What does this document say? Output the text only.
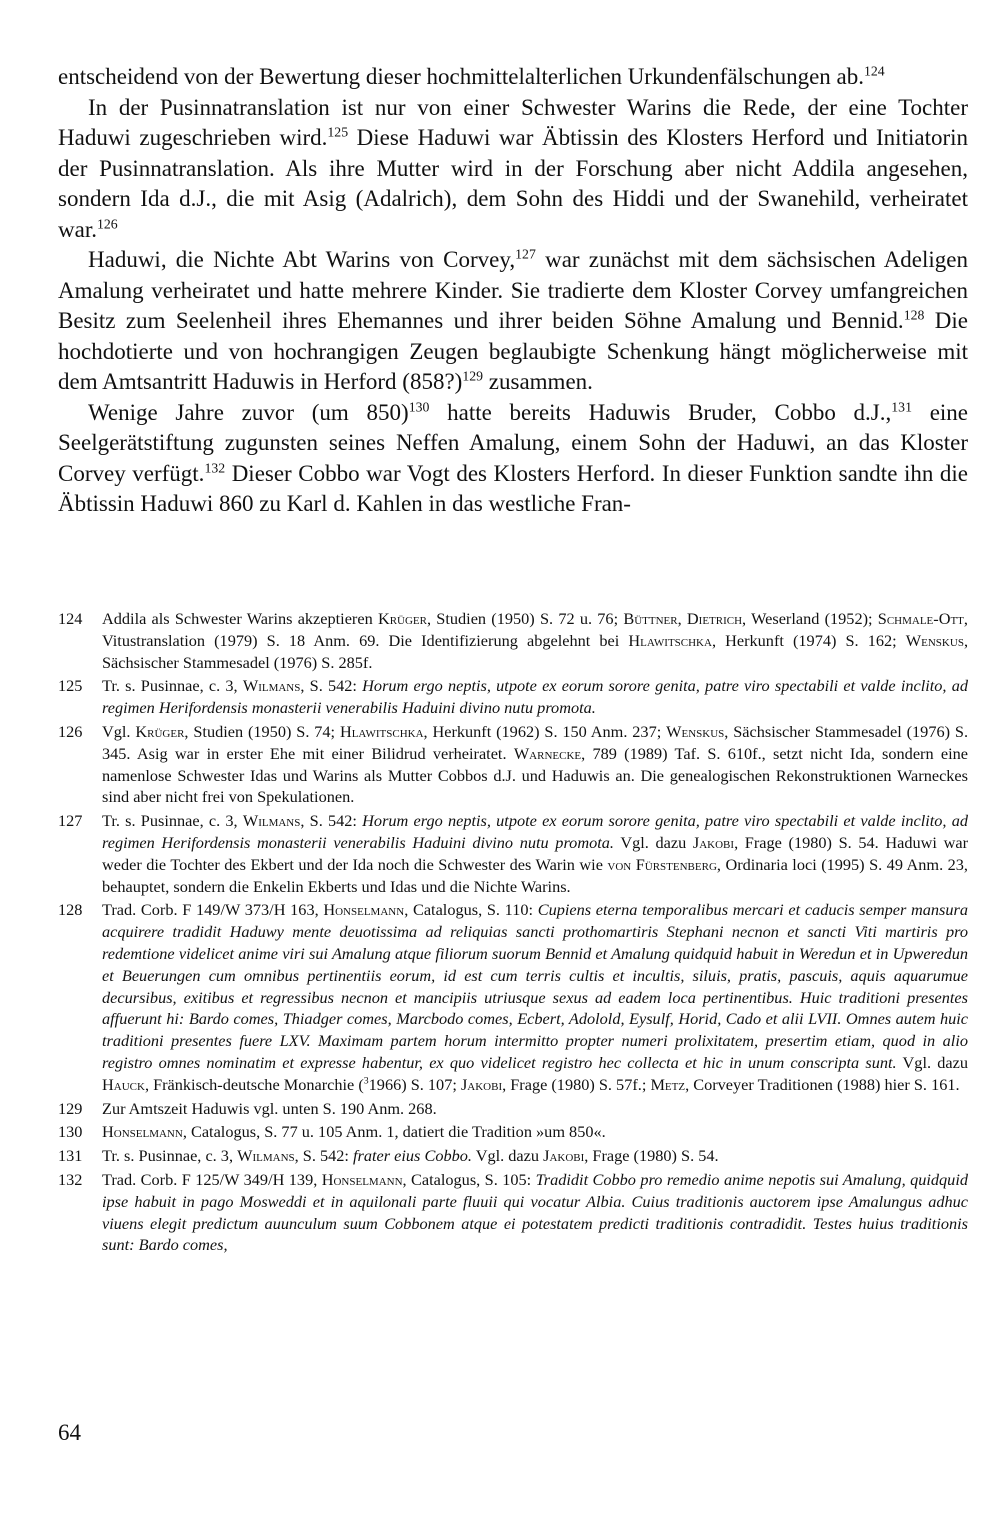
entscheidend von der Bewertung dieser hochmittelalterlichen Urkundenfälschungen ab.$^{124}$

In der Pusinnatranslation ist nur von einer Schwester Warins die Rede, der eine Tochter Haduwi zugeschrieben wird.$^{125}$ Diese Haduwi war Äbtissin des Klosters Herford und Initiatorin der Pusinnatranslation. Als ihre Mutter wird in der Forschung aber nicht Addila angesehen, sondern Ida d.J., die mit Asig (Adalrich), dem Sohn des Hiddi und der Swanehild, verheiratet war.$^{126}$

Haduwi, die Nichte Abt Warins von Corvey,$^{127}$ war zunächst mit dem sächsischen Adeligen Amalung verheiratet und hatte mehrere Kinder. Sie tradierte dem Kloster Corvey umfangreichen Besitz zum Seelenheil ihres Ehemannes und ihrer beiden Söhne Amalung und Bennid.$^{128}$ Die hochdotierte und von hochrangigen Zeugen beglaubigte Schenkung hängt möglicherweise mit dem Amtsantritt Haduwis in Herford (858?)$^{129}$ zusammen.

Wenige Jahre zuvor (um 850)$^{130}$ hatte bereits Haduwis Bruder, Cobbo d.J.,$^{131}$ eine Seelgerätstiftung zugunsten seines Neffen Amalung, einem Sohn der Haduwi, an das Kloster Corvey verfügt.$^{132}$ Dieser Cobbo war Vogt des Klosters Herford. In dieser Funktion sandte ihn die Äbtissin Haduwi 860 zu Karl d. Kahlen in das westliche Fran-

124 Addila als Schwester Warins akzeptieren Krüger, Studien (1950) S. 72 u. 76; Büttner, Dietrich, Weserland (1952); Schmale-Ott, Vitustranslation (1979) S. 18 Anm. 69. Die Identifizierung abgelehnt bei Hlawitschka, Herkunft (1974) S. 162; Wenskus, Sächsischer Stammesadel (1976) S. 285f.
125 Tr. s. Pusinnae, c. 3, Wilmans, S. 542: Horum ergo neptis, utpote ex eorum sorore genita, patre viro spectabili et valde inclito, ad regimen Herifordensis monasterii venerabilis Haduini divino nutu promota.
126 Vgl. Krüger, Studien (1950) S. 74; Hlawitschka, Herkunft (1962) S. 150 Anm. 237; Wenskus, Sächsischer Stammesadel (1976) S. 345. Asig war in erster Ehe mit einer Bilidrud verheiratet. Warnecke, 789 (1989) Taf. S. 610f., setzt nicht Ida, sondern eine namenlose Schwester Idas und Warins als Mutter Cobbos d.J. und Haduwis an. Die genealogischen Rekonstruktionen Warneckes sind aber nicht frei von Spekulationen.
127 Tr. s. Pusinnae, c. 3, Wilmans, S. 542: Horum ergo neptis, utpote ex eorum sorore genita, patre viro spectabili et valde inclito, ad regimen Herifordensis monasterii venerabilis Haduini divino nutu promota. Vgl. dazu Jakobi, Frage (1980) S. 54. Haduwi war weder die Tochter des Ekbert und der Ida noch die Schwester des Warin wie von Fürstenberg, Ordinaria loci (1995) S. 49 Anm. 23, behauptet, sondern die Enkelin Ekberts und Idas und die Nichte Warins.
128 Trad. Corb. F 149/W 373/H 163, Honselmann, Catalogus, S. 110: Cupiens eterna temporalibus mercari et caducis semper mansura acquirere tradidit Haduwy mente deuotissima ad reliquias sancti prothomartiris Stephani necnon et sancti Viti martiris pro redemtione videlicet anime viri sui Amalung atque filiorum suorum Bennid et Amalung quidquid habuit in Weredun et in Upweredun et Beuerungen cum omnibus pertinentiis eorum, id est cum terris cultis et incultis, siluis, pratis, pascuis, aquis aquarumue decursibus, exitibus et regressibus necnon et mancipiis utriusque sexus ad eadem loca pertinentibus. Huic traditioni presentes affuerunt hi: Bardo comes, Thiadger comes, Marcbodo comes, Ecbert, Adolold, Eysulf, Horid, Cado et alii LVII. Omnes autem huic traditioni presentes fuere LXV. Maximam partem horum intermitto propter numeri prolixitatem, presertim etiam, quod in alio registro omnes nominatim et expresse habentur, ex quo videlicet registro hec collecta et hic in unum conscripta sunt. Vgl. dazu Hauck, Fränkisch-deutsche Monarchie ($^3$1966) S. 107; Jakobi, Frage (1980) S. 57f.; Metz, Corveyer Traditionen (1988) hier S. 161.
129 Zur Amtszeit Haduwis vgl. unten S. 190 Anm. 268.
130 Honselmann, Catalogus, S. 77 u. 105 Anm. 1, datiert die Tradition »um 850«.
131 Tr. s. Pusinnae, c. 3, Wilmans, S. 542: frater eius Cobbo. Vgl. dazu Jakobi, Frage (1980) S. 54.
132 Trad. Corb. F 125/W 349/H 139, Honselmann, Catalogus, S. 105: Tradidit Cobbo pro remedio anime nepotis sui Amalung, quidquid ipse habuit in pago Mosweddi et in aquilonali parte fluuii qui vocatur Albia. Cuius traditionis auctorem ipse Amalungus adhuc viuens elegit predictum auunculum suum Cobbonem atque ei potestatem predicti traditionis contradidit. Testes huius traditionis sunt: Bardo comes,
64
